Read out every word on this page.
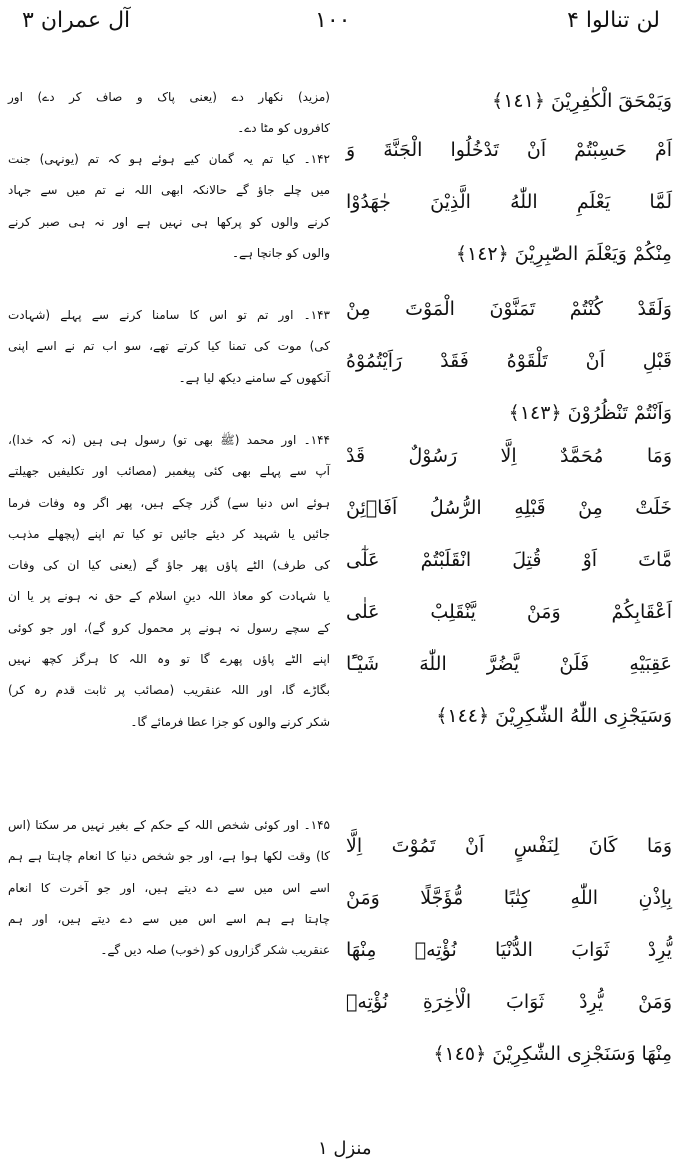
لن تنالوا ۴
١٠٠
آل عمران ٣
وَيَمْحَقَ الْكٰفِرِيْنَ ﴿١٤١﴾
اَمْ حَسِبْتُمْ اَنْ تَدْخُلُوا الْجَنَّةَ وَ
لَمَّا يَعْلَمِ اللّٰهُ الَّذِيْنَ جٰهَدُوْا
مِنْكُمْ وَيَعْلَمَ الصّٰبِرِيْنَ ﴿١٤٢﴾
وَلَقَدْ كُنْتُمْ تَمَنَّوْنَ الْمَوْتَ مِنْ
قَبْلِ اَنْ تَلْقَوْهُ فَقَدْ رَاَيْتُمُوْهُ
وَاَنْتُمْ تَنْظُرُوْنَ ﴿١٤٣﴾
وَمَا مُحَمَّدٌ اِلَّا رَسُوْلٌ قَدْ
خَلَتْ مِنْ قَبْلِهِ الرُّسُلُ اَفَاۡئِنْ
مَّاتَ اَوْ قُتِلَ انْقَلَبْتُمْ عَلٰٓى
اَعْقَابِكُمْ وَمَنْ يَّنْقَلِبْ عَلٰى
عَقِبَيْهِ فَلَنْ يَّضُرَّ اللّٰهَ شَيْـًٔا
وَسَيَجْزِى اللّٰهُ الشّٰكِرِيْنَ ﴿١٤٤﴾
وَمَا كَانَ لِنَفْسٍ اَنْ تَمُوْتَ اِلَّا
بِاِذْنِ اللّٰهِ كِتٰبًا مُّؤَجَّلًا وَمَنْ
يُّرِدْ ثَوَابَ الدُّنْيَا نُؤْتِهٖ مِنْهَا
وَمَنْ يُّرِدْ ثَوَابَ الْاٰخِرَةِ نُؤْتِهٖ
مِنْهَا وَسَنَجْزِى الشّٰكِرِيْنَ ﴿١٤٥﴾
(مزید) نکھار دے (یعنی پاک و صاف کر دے) اور
کافروں کو مٹا دے۔
۱۴۲۔ کیا تم یہ گمان کیے ہوئے ہو کہ تم (یونہی) جنت
میں چلے جاؤ گے حالانکہ ابھی اللہ نے تم میں سے جہاد
کرنے والوں کو پرکھا ہی نہیں ہے اور نہ ہی صبر کرنے
والوں کو جانچا ہے۔
۱۴۳۔ اور تم تو اس کا سامنا کرنے سے پہلے (شہادت
کی) موت کی تمنا کیا کرتے تھے، سو اب تم نے اسے اپنی
آنکھوں کے سامنے دیکھ لیا ہے۔
۱۴۴۔ اور محمد (ﷺ بھی تو) رسول ہی ہیں (نہ کہ خدا)،
آپ سے پہلے بھی کئی پیغمبر (مصائب اور تکلیفیں جھیلتے
ہوئے اس دنیا سے) گزر چکے ہیں، پھر اگر وہ وفات فرما
جائیں یا شہید کر دیئے جائیں تو کیا تم اپنے (پچھلے مذہب
کی طرف) الٹے پاؤں پھر جاؤ گے (یعنی کیا ان کی وفات
یا شہادت کو معاذ اللہ دینِ اسلام کے حق نہ ہونے پر یا ان
کے سچے رسول نہ ہونے پر محمول کرو گے)، اور جو کوئی
اپنے الٹے پاؤں پھرے گا تو وہ اللہ کا ہرگز کچھ نہیں
بگاڑے گا، اور اللہ عنقریب (مصائب پر ثابت قدم رہ کر)
شکر کرنے والوں کو جزا عطا فرمائے گا۔
۱۴۵۔ اور کوئی شخص اللہ کے حکم کے بغیر نہیں مر سکتا (اس
کا) وقت لکھا ہوا ہے، اور جو شخص دنیا کا انعام چاہتا ہے ہم
اسے اس میں سے دے دیتے ہیں، اور جو آخرت کا انعام
چاہتا ہے ہم اسے اس میں سے دے دیتے ہیں، اور ہم
عنقریب شکر گزاروں کو (خوب) صلہ دیں گے۔
منزل ١
